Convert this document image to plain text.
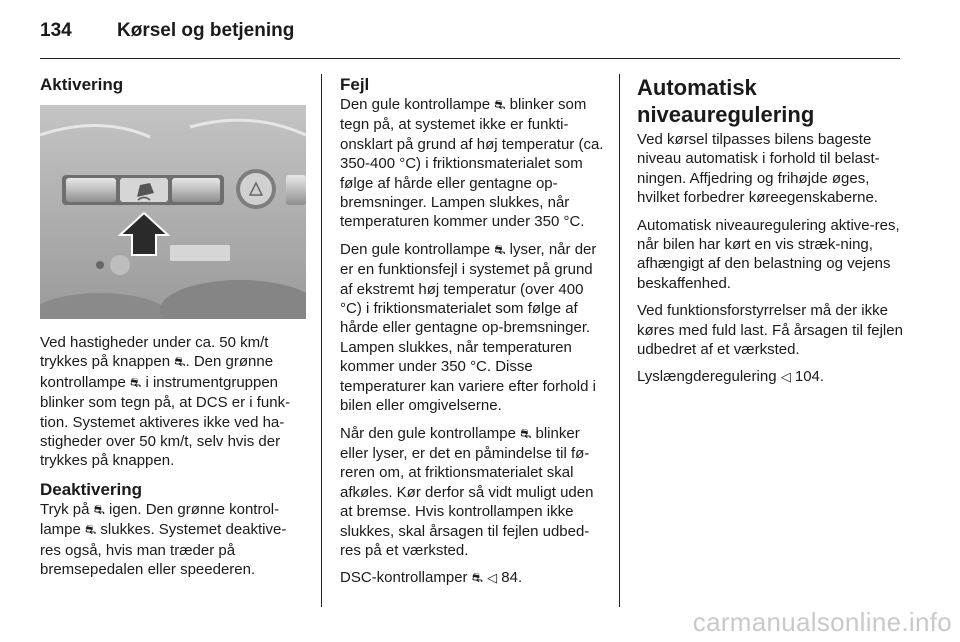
134	Kørsel og betjening
Aktivering

Ved hastigheder under ca. 50 km/t trykkes på knappen ⛐. Den grønne kontrollampe ⛐ i instrumentgruppen blinker som tegn på, at DCS er i funk-tion. Systemet aktiveres ikke ved ha-stigheder over 50 km/t, selv hvis der trykkes på knappen.

Deaktivering

Tryk på ⛐ igen. Den grønne kontrol-lampe ⛐ slukkes. Systemet deaktive-res også, hvis man træder på bremsepedalen eller speederen.

Fejl

Den gule kontrollampe ⛐ blinker som tegn på, at systemet ikke er funkti-onsklart på grund af høj temperatur (ca. 350-400 °C) i friktionsmaterialet som følge af hårde eller gentagne op-bremsninger. Lampen slukkes, når temperaturen kommer under 350 °C.

Den gule kontrollampe ⛐ lyser, når der er en funktionsfejl i systemet på grund af ekstremt høj temperatur (over 400 °C) i friktionsmaterialet som følge af hårde eller gentagne op-bremsninger. Lampen slukkes, når temperaturen kommer under 350 °C. Disse temperaturer kan variere efter forhold i bilen eller omgivelserne.

Når den gule kontrollampe ⛐ blinker eller lyser, er det en påmindelse til fø-reren om, at friktionsmaterialet skal afkøles. Kør derfor så vidt muligt uden at bremse. Hvis kontrollampen ikke slukkes, skal årsagen til fejlen udbed-res på et værksted.

DSC-kontrollamper ⛐ ◁ 84.

Automatisk niveauregulering

Ved kørsel tilpasses bilens bageste niveau automatisk i forhold til belast-ningen. Affjedring og frihøjde øges, hvilket forbedrer køreegenskaberne.

Automatisk niveauregulering aktive-res, når bilen har kørt en vis stræk-ning, afhængigt af den belastning og vejens beskaffenhed.

Ved funktionsforstyrrelser må der ikke køres med fuld last. Få årsagen til fejlen udbedret af et værksted.

Lyslængderegulering ◁ 104.

carmanualsonline.info
